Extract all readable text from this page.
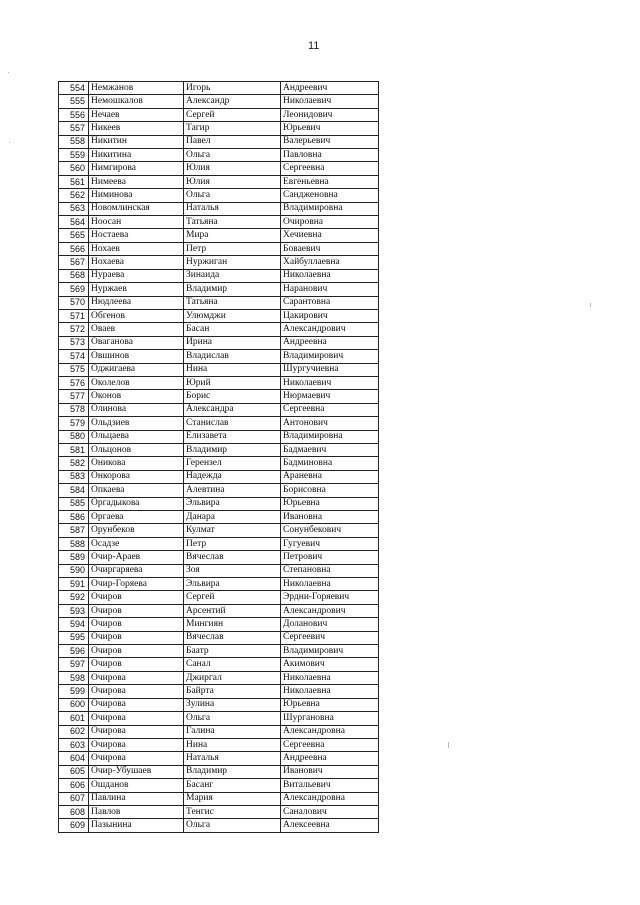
11
554	Немжанов	Игорь	Андреевич
555	Немошкалов	Александр	Николаевич
556	Нечаев	Сергей	Леонидович
557	Никеев	Тагир	Юрьевич
558	Никитин	Павел	Валерьевич
559	Никитина	Ольга	Павловна
560	Нимгирова	Юлия	Сергеевна
561	Нимеева	Юлия	Евгеньевна
562	Ниминова	Ольга	Сандженовна
563	Новомлинская	Наталья	Владимировна
564	Ноосан	Татьяна	Очировна
565	Ностаева	Мира	Хечиевна
566	Нохаев	Петр	Боваевич
567	Нохаева	Нуржиган	Хайбуллаевна
568	Нураева	Зинаида	Николаевна
569	Нуржаев	Владимир	Наранович
570	Нюдлеева	Татьяна	Сарантовна
571	Обгенов	Улюмджи	Цакирович
572	Оваев	Басан	Александрович
573	Оваганова	Ирина	Андреевна
574	Овшинов	Владислав	Владимирович
575	Оджигаева	Нина	Шургучиевна
576	Околелов	Юрий	Николаевич
577	Оконов	Борис	Нюрмаевич
578	Олинова	Александра	Сергеевна
579	Ольдзиев	Станислав	Антонович
580	Ольцаева	Елизавета	Владимировна
581	Ольцонов	Владимир	Бадмаевич
582	Оникова	Герензел	Бадминовна
583	Онкорова	Надежда	Араневна
584	Опкаева	Алевтина	Борисовна
585	Оргадыкова	Эльвира	Юрьевна
586	Оргаева	Данара	Ивановна
587	Орунбеков	Кулмат	Сонунбекович
588	Осадзе	Петр	Гугуевич
589	Очир-Араев	Вячеслав	Петрович
590	Очиргаряева	Зоя	Степановна
591	Очир-Горяева	Эльвира	Николаевна
592	Очиров	Сергей	Эрдни-Горяевич
593	Очиров	Арсентий	Александрович
594	Очиров	Мингиян	Доланович
595	Очиров	Вячеслав	Сергеевич
596	Очиров	Баатр	Владимирович
597	Очиров	Санал	Акимович
598	Очирова	Джиргал	Николаевна
599	Очирова	Байрта	Николаевна
600	Очирова	Зулина	Юрьевна
601	Очирова	Ольга	Шургановна
602	Очирова	Галина	Александровна
603	Очирова	Нина	Сергеевна
604	Очирова	Наталья	Андреевна
605	Очир-Убушаев	Владимир	Иванович
606	Ошданов	Басанг	Витальевич
607	Павлина	Мария	Александровна
608	Павлов	Тенгис	Саналович
609	Пазынина	Ольга	Алексеевна
